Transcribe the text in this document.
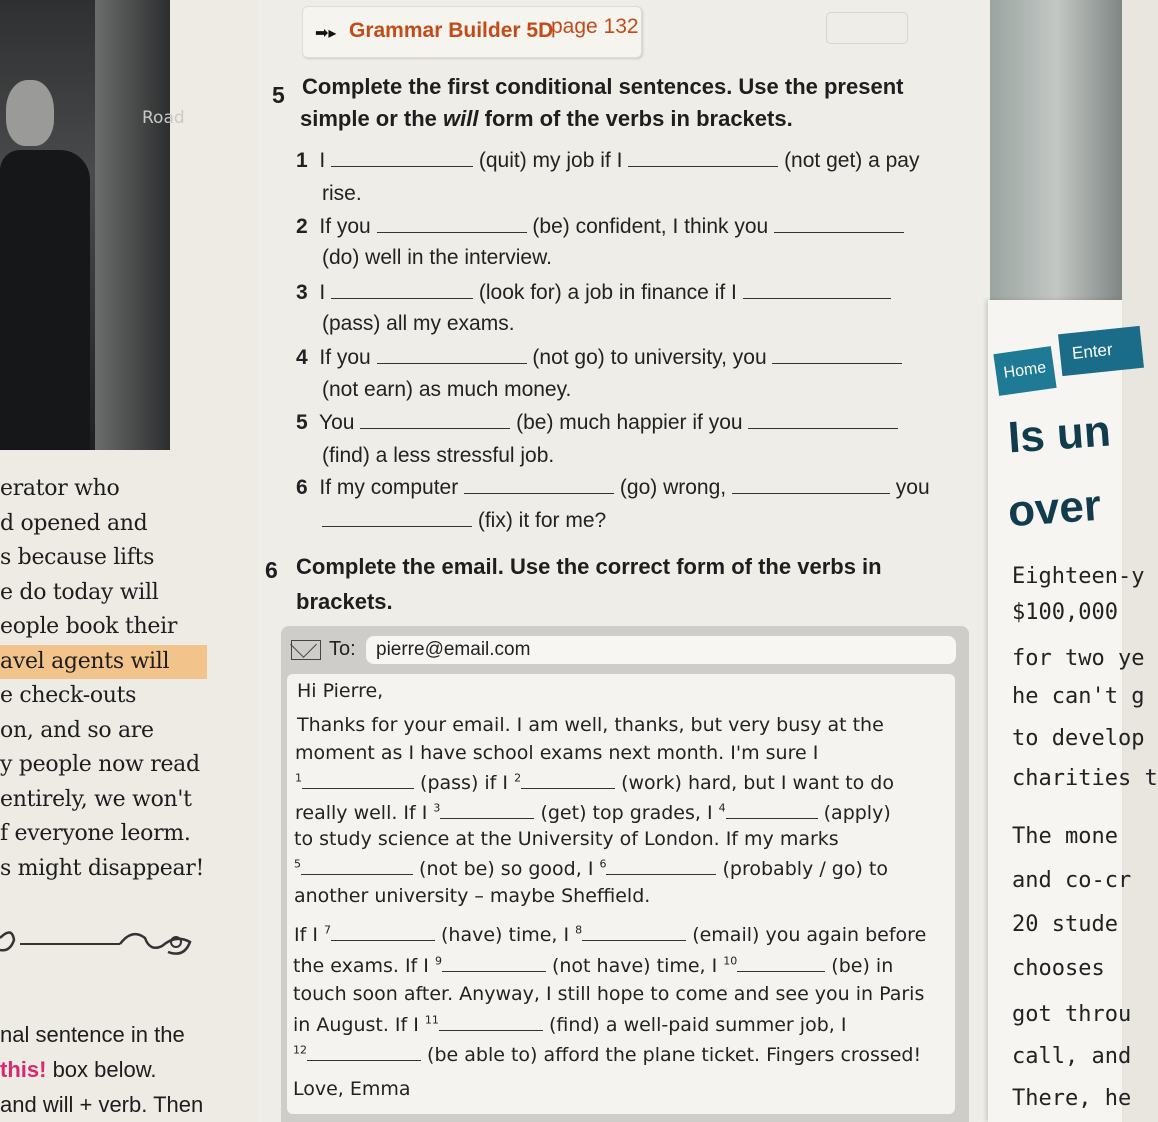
Road
erator who
d opened and
s because lifts
e do today will
eople book their
avel agents will
e check-outs
on, and so are
y people now read
entirely, we won't
f everyone leorm.
s might disappear!
nal sentence in the
this! box below.
and will + verb. Then
➡︎▸ Grammar Builder 5D
page 132
5 Complete the first conditional sentences. Use the present
simple or the will form of the verbs in brackets.
1 I	(quit) my job if I	(not get) a pay
rise.
2 If you	(be) confident, I think you
(do) well in the interview.
3 I	(look for) a job in finance if I
(pass) all my exams.
4 If you	(not go) to university, you
(not earn) as much money.
5 You	(be) much happier if you
(find) a less stressful job.
6 If my computer	(go) wrong,	you
(fix) it for me?
6 Complete the email. Use the correct form of the verbs in
brackets.
To:	pierre@email.com
Hi Pierre,
Thanks for your email. I am well, thanks, but very busy at the
moment as I have school exams next month. I'm sure I
$^1$	(pass) if I $^2$	(work) hard, but I want to do
really well. If I $^3$	(get) top grades, I $^4$	(apply)
to study science at the University of London. If my marks
$^5$	(not be) so good, I $^6$	(probably / go) to
another university – maybe Sheffield.
If I $^7$	(have) time, I $^8$	(email) you again before
the exams. If I $^9$	(not have) time, I $^{10}$	(be) in
touch soon after. Anyway, I still hope to come and see you in Paris
in August. If I $^{11}$	(find) a well-paid summer job, I
$^{12}$	(be able to) afford the plane ticket. Fingers crossed!
Love, Emma
Home
Enter
Is un
over
Eighteen-y
$100,000
for two ye
he can't g
to develop
charities t
The mone
and co-cr
20 stude
chooses
got throu
call, and
There, he
